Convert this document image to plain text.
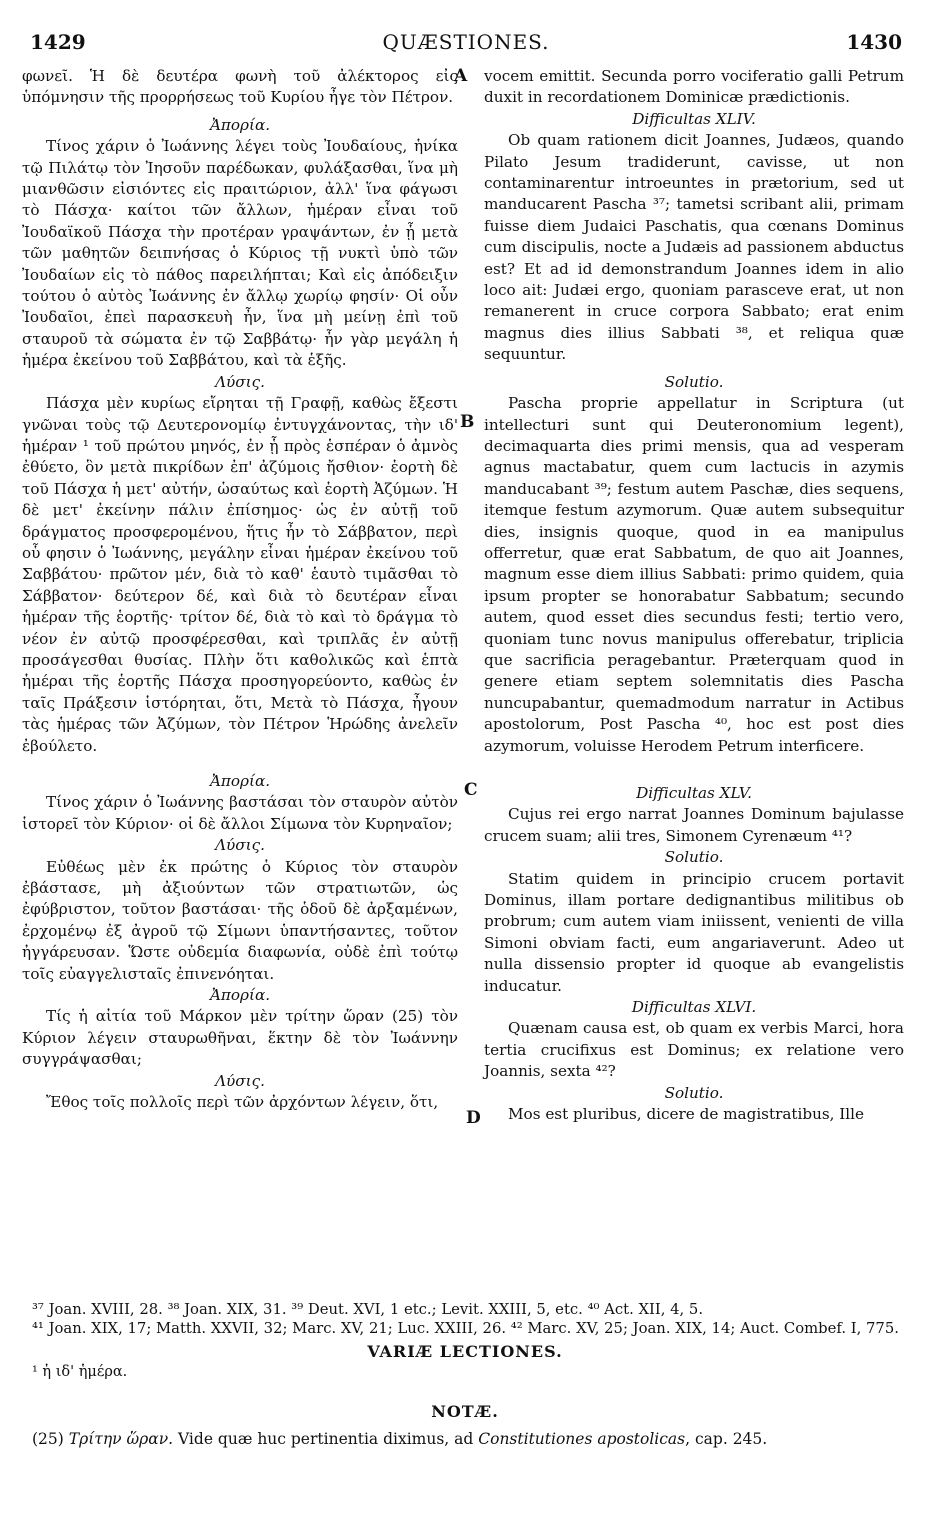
1429	QUÆSTIONES.	1430
A
B
C
D

φωνεῖ. Ἡ δὲ δευτέρα φωνὴ τοῦ ἀλέκτορος εἰς ὑπόμνησιν τῆς προρρήσεως τοῦ Κυρίου ἦγε τὸν Πέτρον.

Ἀπορία.

Τίνος χάριν ὁ Ἰωάννης λέγει τοὺς Ἰουδαίους, ἡνίκα τῷ Πιλάτῳ τὸν Ἰησοῦν παρέδωκαν, φυλάξασθαι, ἵνα μὴ μιανθῶσιν εἰσιόντες εἰς πραιτώριον, ἀλλ' ἵνα φάγωσι τὸ Πάσχα· καίτοι τῶν ἄλλων, ἡμέραν εἶναι τοῦ Ἰουδαϊκοῦ Πάσχα τὴν προτέραν γραψάντων, ἐν ᾗ μετὰ τῶν μαθητῶν δειπνήσας ὁ Κύριος τῇ νυκτὶ ὑπὸ τῶν Ἰουδαίων εἰς τὸ πάθος παρειλήπται; Καὶ εἰς ἀπόδειξιν τούτου ὁ αὐτὸς Ἰωάννης ἐν ἄλλῳ χωρίῳ φησίν· Οἱ οὖν Ἰουδαῖοι, ἐπεὶ παρασκευὴ ἦν, ἵνα μὴ μείνῃ ἐπὶ τοῦ σταυροῦ τὰ σώματα ἐν τῷ Σαββάτῳ· ἦν γὰρ μεγάλη ἡ ἡμέρα ἐκείνου τοῦ Σαββάτου, καὶ τὰ ἑξῆς.

Λύσις.

Πάσχα μὲν κυρίως εἴρηται τῇ Γραφῇ, καθὼς ἔξεστι γνῶναι τοὺς τῷ Δευτερονομίῳ ἐντυγχάνοντας, τὴν ιδ' ἡμέραν ¹ τοῦ πρώτου μηνός, ἐν ᾗ πρὸς ἑσπέραν ὁ ἀμνὸς ἐθύετο, ὃν μετὰ πικρίδων ἐπ' ἀζύμοις ἤσθιον· ἑορτὴ δὲ τοῦ Πάσχα ἡ μετ' αὐτήν, ὡσαύτως καὶ ἑορτὴ Ἀζύμων. Ἡ δὲ μετ' ἐκείνην πάλιν ἐπίσημος· ὡς ἐν αὐτῇ τοῦ δράγματος προσφερομένου, ἥτις ἦν τὸ Σάββατον, περὶ οὗ φησιν ὁ Ἰωάννης, μεγάλην εἶναι ἡμέραν ἐκείνου τοῦ Σαββάτου· πρῶτον μέν, διὰ τὸ καθ' ἑαυτὸ τιμᾶσθαι τὸ Σάββατον· δεύτερον δέ, καὶ διὰ τὸ δευτέραν εἶναι ἡμέραν τῆς ἑορτῆς· τρίτον δέ, διὰ τὸ καὶ τὸ δράγμα τὸ νέον ἐν αὐτῷ προσφέρεσθαι, καὶ τριπλᾶς ἐν αὐτῇ προσάγεσθαι θυσίας. Πλὴν ὅτι καθολικῶς καὶ ἑπτὰ ἡμέραι τῆς ἑορτῆς Πάσχα προσηγορεύοντο, καθὼς ἐν ταῖς Πράξεσιν ἱστόρηται, ὅτι, Μετὰ τὸ Πάσχα, ἦγουν τὰς ἡμέρας τῶν Ἀζύμων, τὸν Πέτρον Ἡρώδης ἀνελεῖν ἐβούλετο.

Ἀπορία.

Τίνος χάριν ὁ Ἰωάννης βαστάσαι τὸν σταυρὸν αὐτὸν ἱστορεῖ τὸν Κύριον· οἱ δὲ ἄλλοι Σίμωνα τὸν Κυρηναῖον;

Λύσις.

Εὐθέως μὲν ἐκ πρώτης ὁ Κύριος τὸν σταυρὸν ἐβάστασε, μὴ ἀξιούντων τῶν στρατιωτῶν, ὡς ἐφύβριστον, τοῦτον βαστάσαι· τῆς ὁδοῦ δὲ ἀρξαμένων, ἐρχομένῳ ἐξ ἀγροῦ τῷ Σίμωνι ὑπαντήσαντες, τοῦτον ἠγγάρευσαν. Ὥστε οὐδεμία διαφωνία, οὐδὲ ἐπὶ τούτῳ τοῖς εὐαγγελισταῖς ἐπινενόηται.

Ἀπορία.

Τίς ἡ αἰτία τοῦ Μάρκον μὲν τρίτην ὥραν (25) τὸν Κύριον λέγειν σταυρωθῆναι, ἕκτην δὲ τὸν Ἰωάννην συγγράψασθαι;

Λύσις.

Ἔθος τοῖς πολλοῖς περὶ τῶν ἀρχόντων λέγειν, ὅτι,

vocem emittit. Secunda porro vociferatio galli Petrum duxit in recordationem Dominicæ prædictionis.

Difficultas XLIV.

Ob quam rationem dicit Joannes, Judæos, quando Pilato Jesum tradiderunt, cavisse, ut non contaminarentur introeuntes in prætorium, sed ut manducarent Pascha ³⁷; tametsi scribant alii, primam fuisse diem Judaici Paschatis, qua cœnans Dominus cum discipulis, nocte a Judæis ad passionem abductus est? Et ad id demonstrandum Joannes idem in alio loco ait: Judæi ergo, quoniam parasceve erat, ut non remanerent in cruce corpora Sabbato; erat enim magnus dies illius Sabbati ³⁸, et reliqua quæ sequuntur.

Solutio.

Pascha proprie appellatur in Scriptura (ut intellecturi sunt qui Deuteronomium legent), decimaquarta dies primi mensis, qua ad vesperam agnus mactabatur, quem cum lactucis in azymis manducabant ³⁹; festum autem Paschæ, dies sequens, itemque festum azymorum. Quæ autem subsequitur dies, insignis quoque, quod in ea manipulus offerretur, quæ erat Sabbatum, de quo ait Joannes, magnum esse diem illius Sabbati: primo quidem, quia ipsum propter se honorabatur Sabbatum; secundo autem, quod esset dies secundus festi; tertio vero, quoniam tunc novus manipulus offerebatur, triplicia que sacrificia peragebantur. Præterquam quod in genere etiam septem solemnitatis dies Pascha nuncupabantur, quemadmodum narratur in Actibus apostolorum, Post Pascha ⁴⁰, hoc est post dies azymorum, voluisse Herodem Petrum interficere.

Difficultas XLV.

Cujus rei ergo narrat Joannes Dominum bajulasse crucem suam; alii tres, Simonem Cyrenæum ⁴¹?

Solutio.

Statim quidem in principio crucem portavit Dominus, illam portare dedignantibus militibus ob probrum; cum autem viam iniissent, venienti de villa Simoni obviam facti, eum angariaverunt. Adeo ut nulla dissensio propter id quoque ab evangelistis inducatur.

Difficultas XLVI.

Quænam causa est, ob quam ex verbis Marci, hora tertia crucifixus est Dominus; ex relatione vero Joannis, sexta ⁴²?

Solutio.

Mos est pluribus, dicere de magistratibus, Ille

³⁷ Joan. XVIII, 28. ³⁸ Joan. XIX, 31. ³⁹ Deut. XVI, 1 etc.; Levit. XXIII, 5, etc. ⁴⁰ Act. XII, 4, 5.
⁴¹ Joan. XIX, 17; Matth. XXVII, 32; Marc. XV, 21; Luc. XXIII, 26. ⁴² Marc. XV, 25; Joan. XIX, 14; Auct. Combef. I, 775.
VARIÆ LECTIONES.
¹ ἡ ιδ' ἡμέρα.
NOTÆ.
(25) Τρίτην ὥραν. Vide quæ huc pertinentia diximus, ad Constitutiones apostolicas, cap. 245.
